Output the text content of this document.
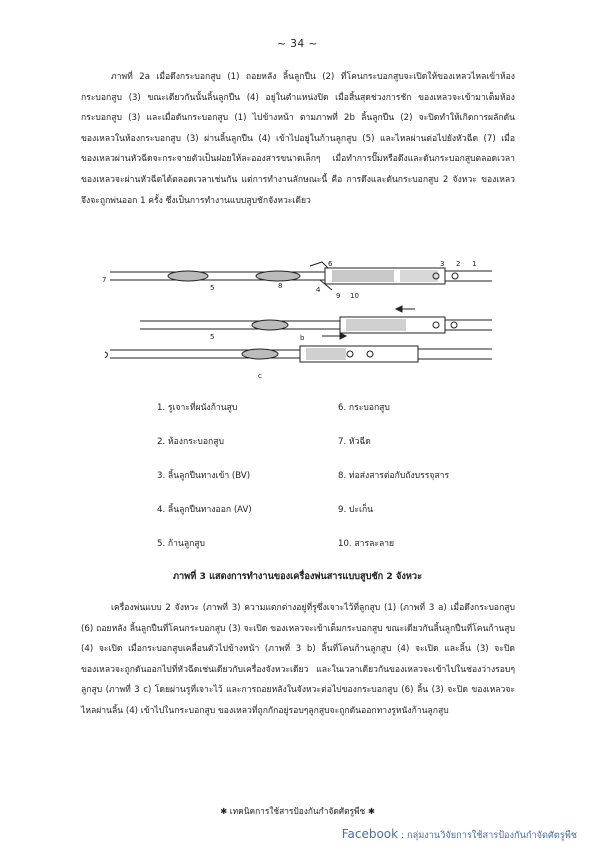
~ 34 ~

ภาพที่ 2a เมื่อดึงกระบอกสูบ (1) ถอยหลัง ลิ้นลูกปืน (2) ที่โคนกระบอกสูบจะเปิดให้ของเหลวไหลเข้าห้องกระบอกสูบ (3) ขณะเดียวกันนั้นลิ้นลูกปืน (4) อยู่ในตำแหน่งปิด เมื่อสิ้นสุดช่วงการชัก ของเหลวจะเข้ามาเต็มห้องกระบอกสูบ (3) และเมื่อดันกระบอกสูบ (1) ไปข้างหน้า ตามภาพที่ 2b ลิ้นลูกปืน (2) จะปิดทำให้เกิดการผลักดันของเหลวในห้องกระบอกสูบ (3) ผ่านลิ้นลูกปืน (4) เข้าไปอยู่ในก้านลูกสูบ (5) และไหลผ่านต่อไปยังหัวฉีด (7) เมื่อของเหลวผ่านหัวฉีดจะกระจายตัวเป็นฝอยให้ละอองสารขนาดเล็กๆ เมื่อทำการปั๊มหรือดึงและดันกระบอกสูบตลอดเวลา ของเหลวจะผ่านหัวฉีดได้ตลอดเวลาเช่นกัน แต่การทำงานลักษณะนี้ คือ การดึงและดันกระบอกสูบ 2 จังหวะ ของเหลวจึงจะถูกพ่นออก 1 ครั้ง ซึ่งเป็นการทำงานแบบสูบชักจังหวะเดียว

7
5	8
6
4
9 10
3 2 1
5	b
c
1. รูเจาะที่ผนังก้านสูบ
2. ห้องกระบอกสูบ
3. ลิ้นลูกปืนทางเข้า (BV)
4. ลิ้นลูกปืนทางออก (AV)
5. ก้านลูกสูบ
6. กระบอกสูบ
7. หัวฉีด
8. ท่อส่งสารต่อกับถังบรรจุสาร
9. ปะเก็น
10. สารละลาย
ภาพที่ 3 แสดงการทำงานของเครื่องพ่นสารแบบสูบชัก 2 จังหวะ

เครื่องพ่นแบบ 2 จังหวะ (ภาพที่ 3) ความแตกต่างอยู่ที่รูซึ่งเจาะไว้ที่ลูกสูบ (1) (ภาพที่ 3 a) เมื่อดึงกระบอกสูบ (6) ถอยหลัง ลิ้นลูกปืนที่โคนกระบอกสูบ (3) จะเปิด ของเหลวจะเข้าเต็มกระบอกสูบ ขณะเดียวกันลิ้นลูกปืนที่โคนก้านสูบ (4) จะเปิด เมื่อกระบอกสูบเคลื่อนตัวไปข้างหน้า (ภาพที่ 3 b) ลิ้นที่โคนก้านลูกสูบ (4) จะเปิด และลิ้น (3) จะปิด ของเหลวจะถูกดันออกไปที่หัวฉีดเช่นเดียวกับเครื่องจังหวะเดียว และในเวลาเดียวกันของเหลวจะเข้าไปในช่องว่างรอบๆ ลูกสูบ (ภาพที่ 3 c) โดยผ่านรูที่เจาะไว้ และการถอยหลังในจังหวะต่อไปของกระบอกสูบ (6) ลิ้น (3) จะปิด ของเหลวจะไหลผ่านลิ้น (4) เข้าไปในกระบอกสูบ ของเหลวที่ถูกกักอยู่รอบๆลูกสูบจะถูกดันออกทางรูหนังก้านลูกสูบ

✱ เทคนิคการใช้สารป้องกันกำจัดศัตรูพืช ✱
Facebook : กลุ่มงานวิจัยการใช้สารป้องกันกำจัดศัตรูพืช
